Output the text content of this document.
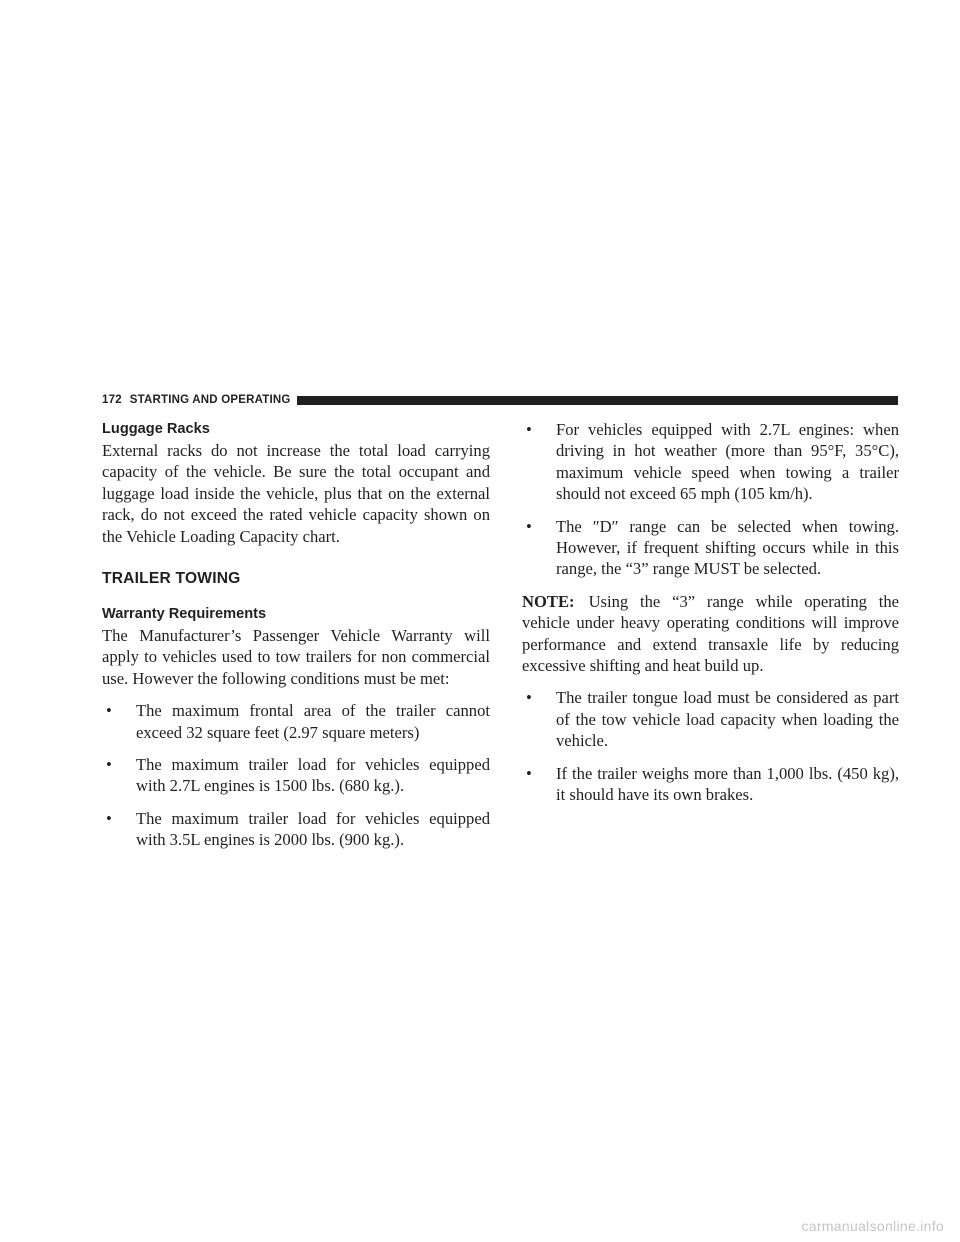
172 STARTING AND OPERATING
Luggage Racks

External racks do not increase the total load carrying capacity of the vehicle. Be sure the total occupant and luggage load inside the vehicle, plus that on the external rack, do not exceed the rated vehicle capacity shown on the Vehicle Loading Capacity chart.

TRAILER TOWING
Warranty Requirements

The Manufacturer’s Passenger Vehicle Warranty will apply to vehicles used to tow trailers for non commercial use. However the following conditions must be met:

• The maximum frontal area of the trailer cannot exceed 32 square feet (2.97 square meters)
• The maximum trailer load for vehicles equipped with 2.7L engines is 1500 lbs. (680 kg.).
• The maximum trailer load for vehicles equipped with 3.5L engines is 2000 lbs. (900 kg.).
• For vehicles equipped with 2.7L engines: when driving in hot weather (more than 95°F, 35°C), maximum vehicle speed when towing a trailer should not exceed 65 mph (105 km/h).
• The ″D″ range can be selected when towing. However, if frequent shifting occurs while in this range, the “3” range MUST be selected.

NOTE: Using the “3” range while operating the vehicle under heavy operating conditions will improve performance and extend transaxle life by reducing excessive shifting and heat build up.

• The trailer tongue load must be considered as part of the tow vehicle load capacity when loading the vehicle.
• If the trailer weighs more than 1,000 lbs. (450 kg), it should have its own brakes.
carmanualsonline.info
